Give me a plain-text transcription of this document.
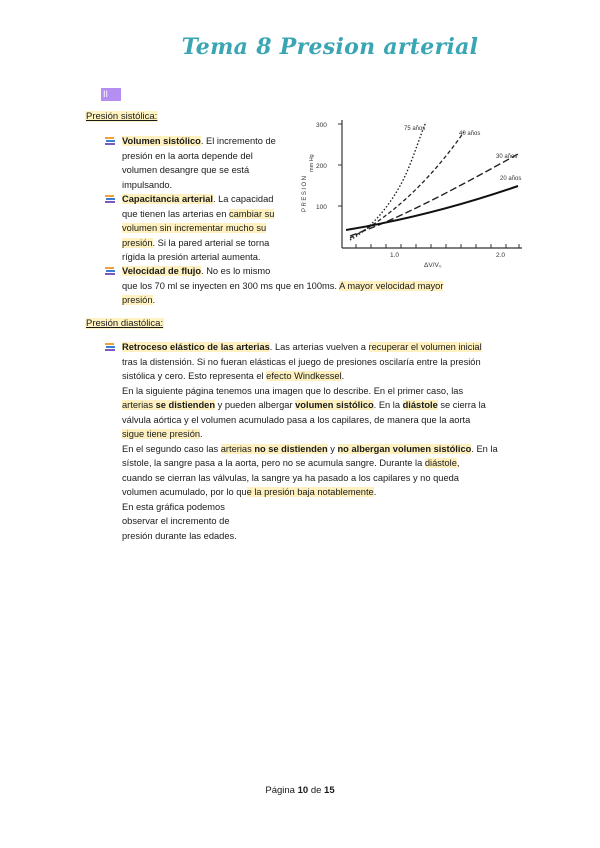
Tema 8 Presion arterial
II
Presión sistólica:
Volumen sistólico. El incremento de
presión en la aorta depende del
volumen desangre que se está
impulsando.
Capacitancia arterial. La capacidad
que tienen las arterias en cambiar su
volumen sin incrementar mucho su
presión. Si la pared arterial se torna
rígida la presión arterial aumenta.
Velocidad de flujo. No es lo mismo
que los 70 ml se inyecten en 300 ms que en 100ms. A mayor velocidad mayor
presión.
300
200
100
1.0	2.0
ΔV/V₀
PRESION
mm Hg
75 años
40 años
30 años
20 años
Presión diastólica:
Retroceso elástico de las arterias. Las arterias vuelven a recuperar el volumen inicial
tras la distensión. Si no fueran elásticas el juego de presiones oscilaría entre la presión
sistólica y cero. Esto representa el efecto Windkessel.
En la siguiente página tenemos una imagen que lo describe. En el primer caso, las
arterias se distienden y pueden albergar volumen sistólico. En la diástole se cierra la
válvula aórtica y el volumen acumulado pasa a los capilares, de manera que la aorta
sigue tiene presión.
En el segundo caso las arterias no se distienden y no albergan volumen sistólico. En la
sístole, la sangre pasa a la aorta, pero no se acumula sangre. Durante la diástole,
cuando se cierran las válvulas, la sangre ya ha pasado a los capilares y no queda
volumen acumulado, por lo que la presión baja notablemente.
En esta gráfica podemos
observar el incremento de
presión durante las edades.
Página 10 de 15
